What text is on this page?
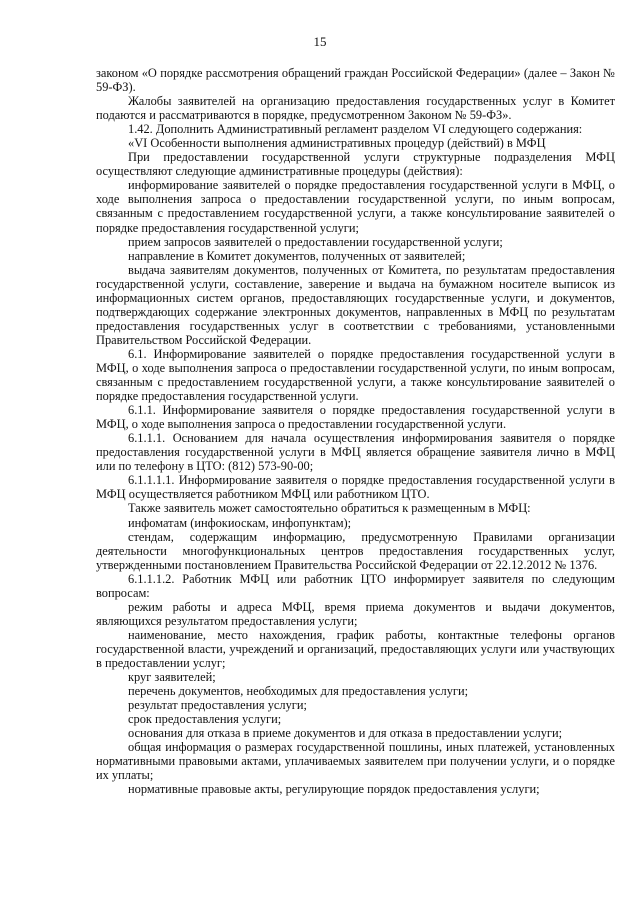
15

законом «О порядке рассмотрения обращений граждан Российской Федерации» (далее – Закон № 59-ФЗ).

Жалобы заявителей на организацию предоставления государственных услуг в Комитет подаются и рассматриваются в порядке, предусмотренном Законом № 59-ФЗ».

1.42. Дополнить Административный регламент разделом VI следующего содержания:

«VI Особенности выполнения административных процедур (действий) в МФЦ

При предоставлении государственной услуги структурные подразделения МФЦ осуществляют следующие административные процедуры (действия):

информирование заявителей о порядке предоставления государственной услуги в МФЦ, о ходе выполнения запроса о предоставлении государственной услуги, по иным вопросам, связанным с предоставлением государственной услуги, а также консультирование заявителей о порядке предоставления государственной услуги;

прием запросов заявителей о предоставлении государственной услуги;

направление в Комитет документов, полученных от заявителей;

выдача заявителям документов, полученных от Комитета, по результатам предоставления государственной услуги, составление, заверение и выдача на бумажном носителе выписок из информационных систем органов, предоставляющих государственные услуги, и документов, подтверждающих содержание электронных документов, направленных в МФЦ по результатам предоставления государственных услуг в соответствии с требованиями, установленными Правительством Российской Федерации.

6.1. Информирование заявителей о порядке предоставления государственной услуги в МФЦ, о ходе выполнения запроса о предоставлении государственной услуги, по иным вопросам, связанным с предоставлением государственной услуги, а также консультирование заявителей о порядке предоставления государственной услуги.

6.1.1. Информирование заявителя о порядке предоставления государственной услуги в МФЦ, о ходе выполнения запроса о предоставлении государственной услуги.

6.1.1.1. Основанием для начала осуществления информирования заявителя о порядке предоставления государственной услуги в МФЦ является обращение заявителя лично в МФЦ или по телефону в ЦТО: (812) 573-90-00;

6.1.1.1.1. Информирование заявителя о порядке предоставления государственной услуги в МФЦ осуществляется работником МФЦ или работником ЦТО.

Также заявитель может самостоятельно обратиться к размещенным в МФЦ:

инфоматам (инфокиоскам, инфопунктам);

стендам, содержащим информацию, предусмотренную Правилами организации деятельности многофункциональных центров предоставления государственных услуг, утвержденными постановлением Правительства Российской Федерации от 22.12.2012 № 1376.

6.1.1.1.2. Работник МФЦ или работник ЦТО информирует заявителя по следующим вопросам:

режим работы и адреса МФЦ, время приема документов и выдачи документов, являющихся результатом предоставления услуги;

наименование, место нахождения, график работы, контактные телефоны органов государственной власти, учреждений и организаций, предоставляющих услуги или участвующих в предоставлении услуг;

круг заявителей;

перечень документов, необходимых для предоставления услуги;

результат предоставления услуги;

срок предоставления услуги;

основания для отказа в приеме документов и для отказа в предоставлении услуги;

общая информация о размерах государственной пошлины, иных платежей, установленных нормативными правовыми актами, уплачиваемых заявителем при получении услуги, и о порядке их уплаты;

нормативные правовые акты, регулирующие порядок предоставления услуги;
